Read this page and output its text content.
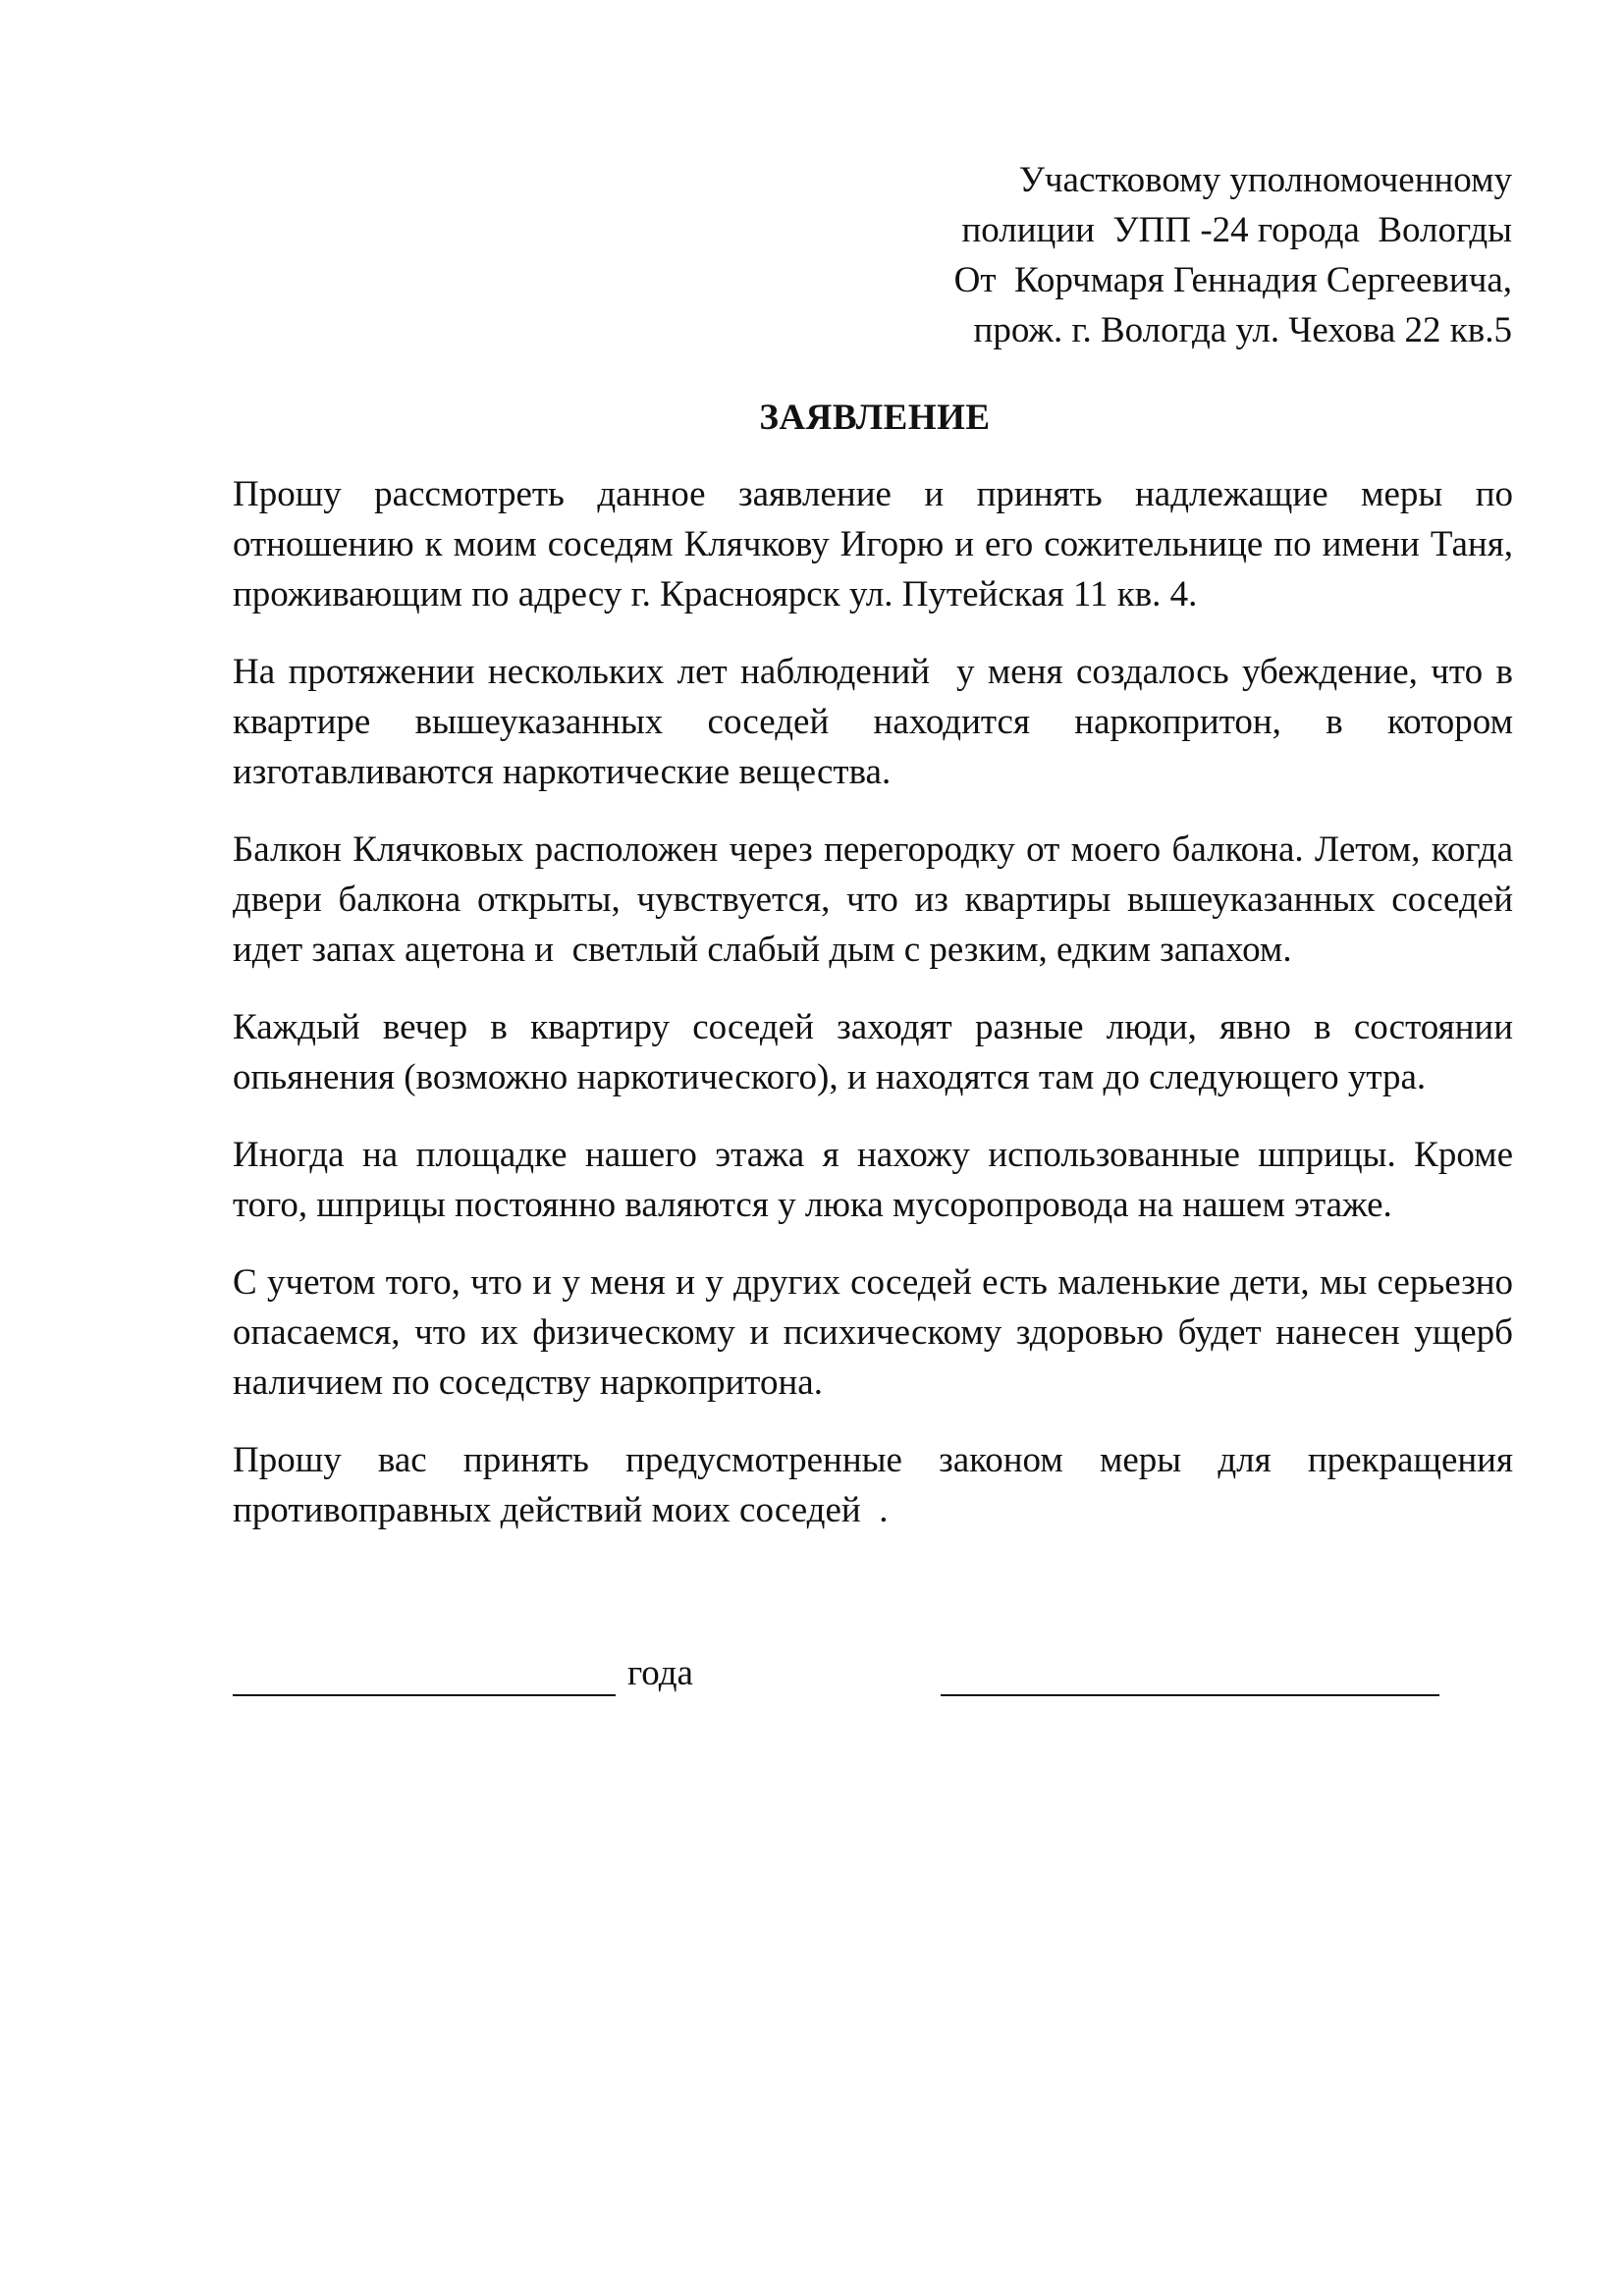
Участковому уполномоченному
полиции  УПП -24 города  Вологды
От  Корчмаря Геннадия Сергеевича,
прож. г. Вологда ул. Чехова 22 кв.5
ЗАЯВЛЕНИЕ

Прошу рассмотреть данное заявление и принять надлежащие меры по отношению к моим соседям Клячкову Игорю и его сожительнице по имени Таня, проживающим по адресу г. Красноярск ул. Путейская 11 кв. 4.

На протяжении нескольких лет наблюдений  у меня создалось убеждение, что в квартире вышеуказанных соседей находится наркопритон, в котором изготавливаются наркотические вещества.

Балкон Клячковых расположен через перегородку от моего балкона. Летом, когда двери балкона открыты, чувствуется, что из квартиры вышеуказанных соседей идет запах ацетона и  светлый слабый дым с резким, едким запахом.

Каждый вечер в квартиру соседей заходят разные люди, явно в состоянии опьянения (возможно наркотического), и находятся там до следующего утра.

Иногда на площадке нашего этажа я нахожу использованные шприцы. Кроме того, шприцы постоянно валяются у люка мусоропровода на нашем этаже.

С учетом того, что и у меня и у других соседей есть маленькие дети, мы серьезно опасаемся, что их физическому и психическому здоровью будет нанесен ущерб наличием по соседству наркопритона.

Прошу вас принять предусмотренные законом меры для прекращения противоправных действий моих соседей  .

года
